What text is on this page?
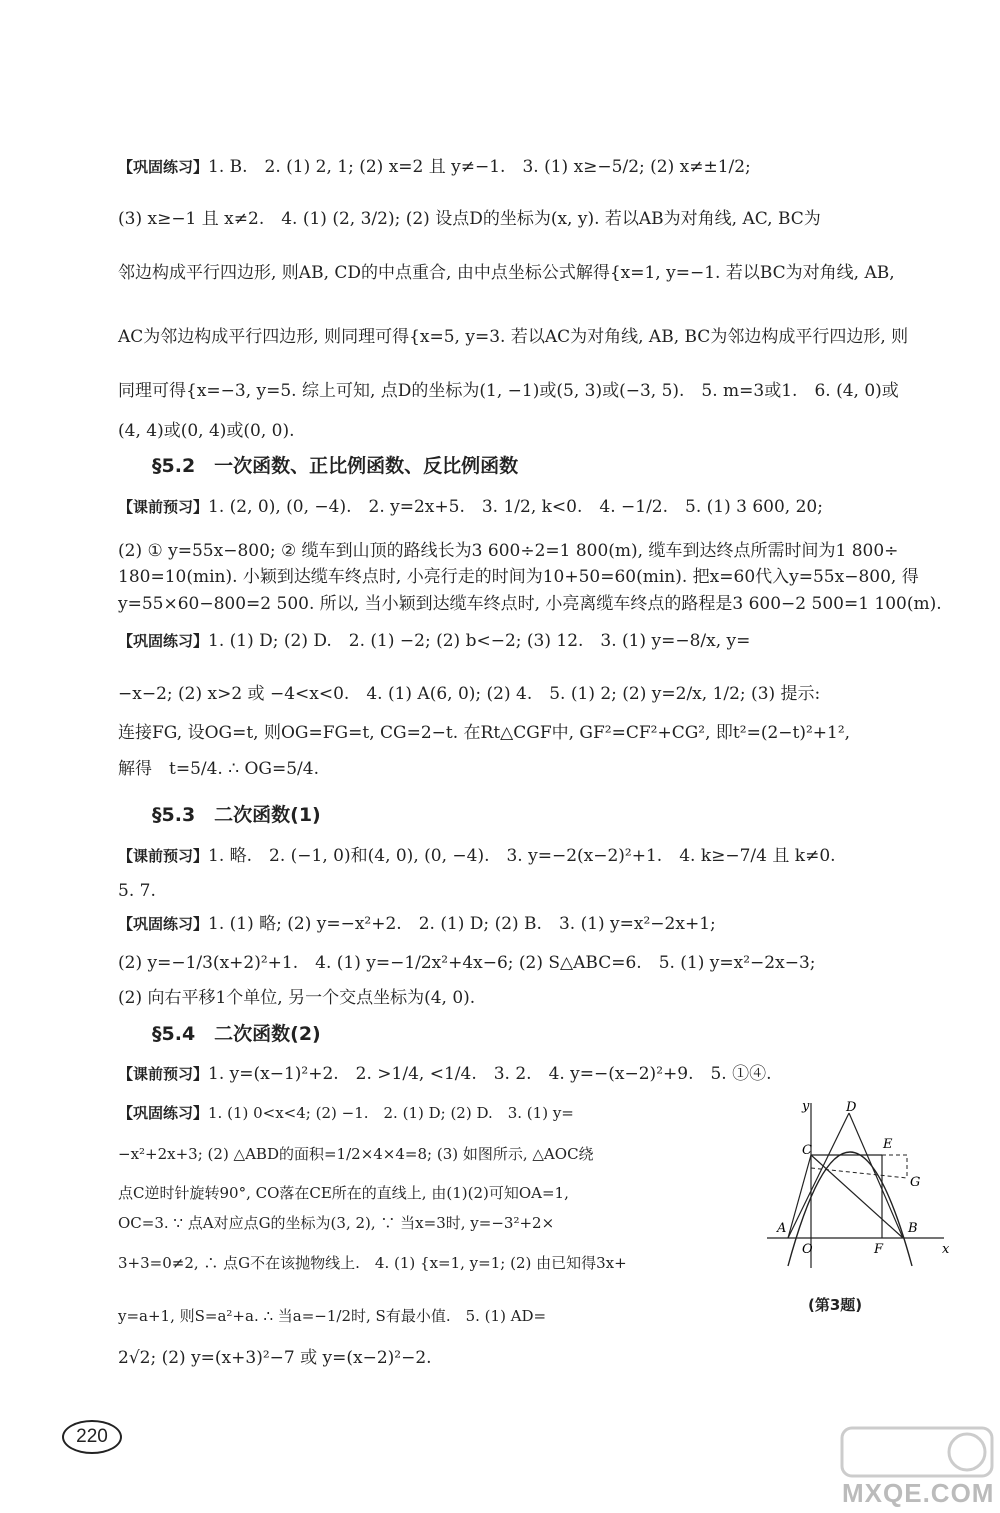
【巩固练习】1. B.　2. (1) 2, 1; (2) x=2 且 y≠−1.　3. (1) x≥−5/2; (2) x≠±1/2;
(3) x≥−1 且 x≠2.　4. (1) (2, 3/2); (2) 设点D的坐标为(x, y). 若以AB为对角线, AC, BC为
邻边构成平行四边形, 则AB, CD的中点重合, 由中点坐标公式解得{x=1, y=−1. 若以BC为对角线, AB,
AC为邻边构成平行四边形, 则同理可得{x=5, y=3. 若以AC为对角线, AB, BC为邻边构成平行四边形, 则
同理可得{x=−3, y=5. 综上可知, 点D的坐标为(1, −1)或(5, 3)或(−3, 5).　5. m=3或1.　6. (4, 0)或
(4, 4)或(0, 4)或(0, 0).
§5.2　一次函数、正比例函数、反比例函数
【课前预习】1. (2, 0), (0, −4).　2. y=2x+5.　3. 1/2, k<0.　4. −1/2.　5. (1) 3 600, 20;
(2) ① y=55x−800; ② 缆车到山顶的路线长为3 600÷2=1 800(m), 缆车到达终点所需时间为1 800÷
180=10(min). 小颖到达缆车终点时, 小亮行走的时间为10+50=60(min). 把x=60代入y=55x−800, 得
y=55×60−800=2 500. 所以, 当小颖到达缆车终点时, 小亮离缆车终点的路程是3 600−2 500=1 100(m).
【巩固练习】1. (1) D; (2) D.　2. (1) −2; (2) b<−2; (3) 12.　3. (1) y=−8/x, y=
−x−2; (2) x>2 或 −4<x<0.　4. (1) A(6, 0); (2) 4.　5. (1) 2; (2) y=2/x, 1/2; (3) 提示:
连接FG, 设OG=t, 则OG=FG=t, CG=2−t. 在Rt△CGF中, GF²=CF²+CG², 即t²=(2−t)²+1²,
解得　t=5/4. ∴ OG=5/4.
§5.3　二次函数(1)
【课前预习】1. 略.　2. (−1, 0)和(4, 0), (0, −4).　3. y=−2(x−2)²+1.　4. k≥−7/4 且 k≠0.
5. 7.
【巩固练习】1. (1) 略; (2) y=−x²+2.　2. (1) D; (2) B.　3. (1) y=x²−2x+1;
(2) y=−1/3(x+2)²+1.　4. (1) y=−1/2x²+4x−6; (2) S△ABC=6.　5. (1) y=x²−2x−3;
(2) 向右平移1个单位, 另一个交点坐标为(4, 0).
§5.4　二次函数(2)
【课前预习】1. y=(x−1)²+2.　2. >1/4, <1/4.　3. 2.　4. y=−(x−2)²+9.　5. ①④.
【巩固练习】1. (1) 0<x<4; (2) −1.　2. (1) D; (2) D.　3. (1) y=
−x²+2x+3; (2) △ABD的面积=1/2×4×4=8; (3) 如图所示, △AOC绕
点C逆时针旋转90°, CO落在CE所在的直线上, 由(1)(2)可知OA=1,
OC=3. ∵ 点A对应点G的坐标为(3, 2), ∵ 当x=3时, y=−3²+2×
3+3=0≠2, ∴ 点G不在该抛物线上.　4. (1) {x=1, y=1; (2) 由已知得3x+
y=a+1, 则S=a²+a. ∴ 当a=−1/2时, S有最小值.　5. (1) AD=
2√2; (2) y=(x+3)²−7 或 y=(x−2)²−2.
y	D
C	E
G
A
O	F
B
x
(第3题)
220
MXQE.COM
